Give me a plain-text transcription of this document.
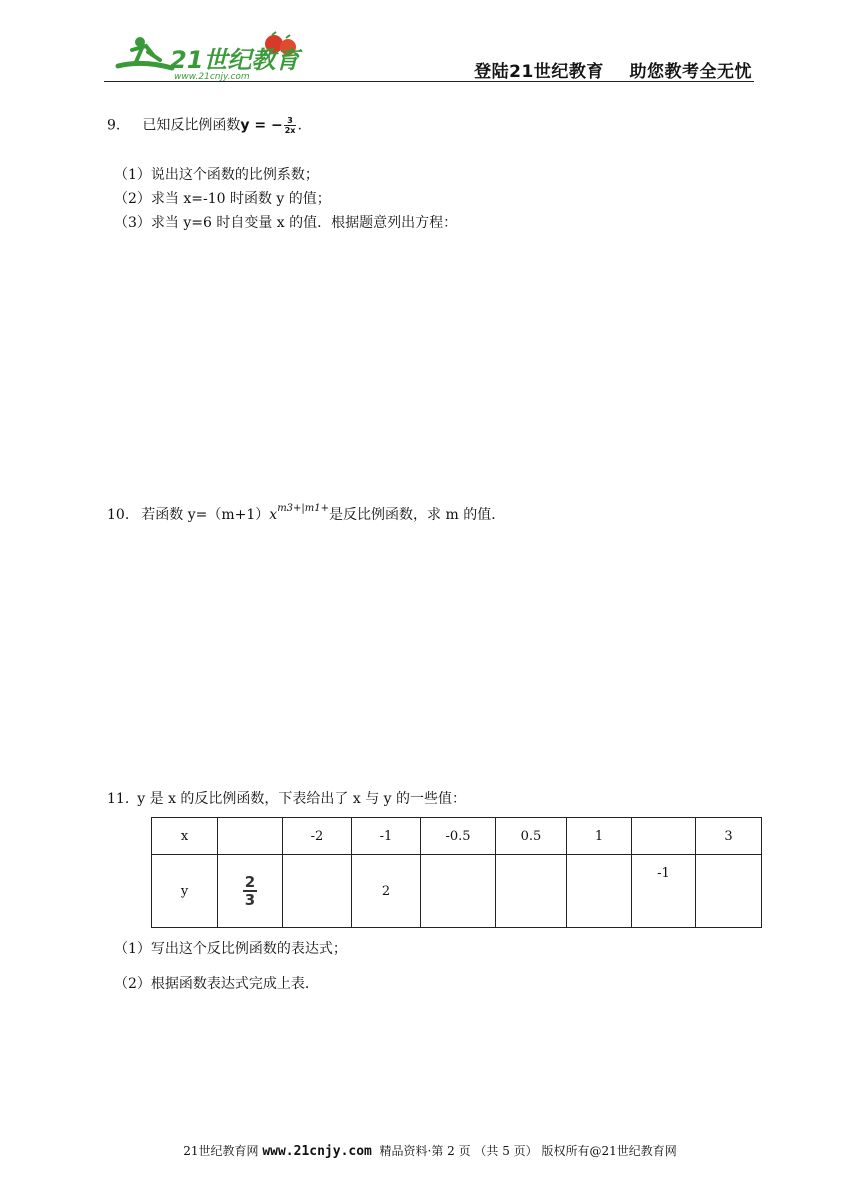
21世纪教育
www.21cnjy.com	登陆21世纪教育    助您教考全无忧
9. 已知反比例函数y = − $\frac{3}{2x}$ .
（1）说出这个函数的比例系数；
（2）求当 x=-10 时函数 y 的值；
（3）求当 y=6 时自变量 x 的值．根据题意列出方程：
10. 若函数 $y=(m+1)x^{m3+|m1+}$是反比例函数，求 m 的值．
11. y 是 x 的反比例函数，下表给出了 x 与 y 的一些值：
x		-2	-1	-0.5	0.5	1		3
y	$\frac{2}{3}$		2				-1	
（1）写出这个反比例函数的表达式；
（2）根据函数表达式完成上表．
21世纪教育网 www.21cnjy.com  精品资料·第 2 页 （共 5 页） 版权所有@21世纪教育网
